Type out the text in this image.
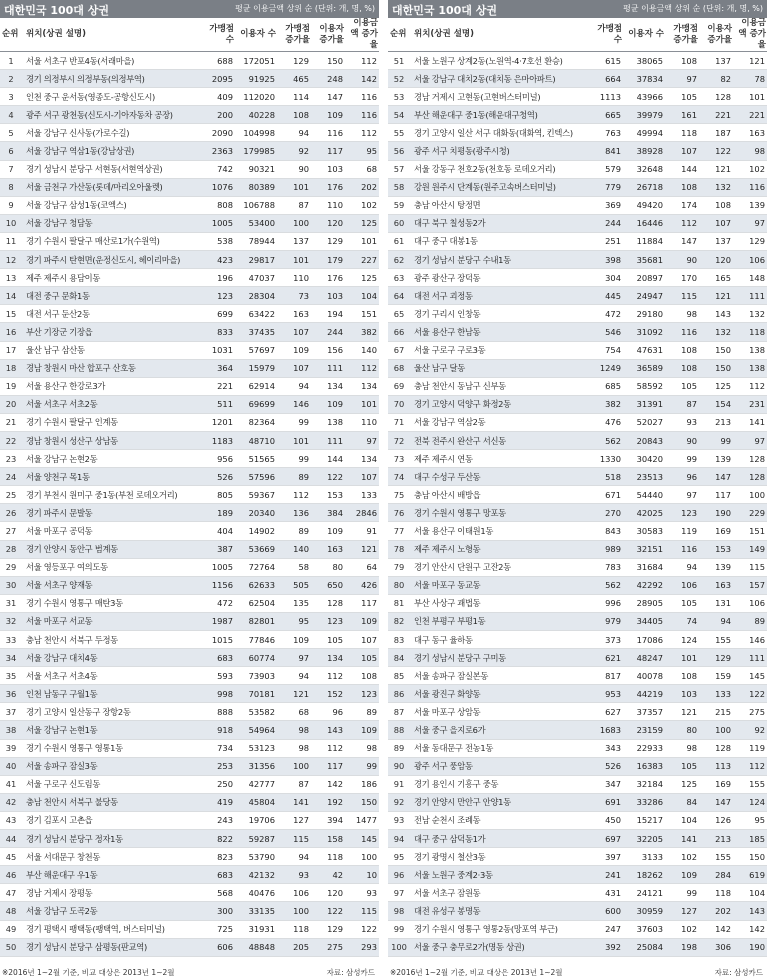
대한민국 100대 상권	평균 이용금액 상위 순 (단위: 개, 명, %)
순위	위치(상권 설명)	가맹점 수	이용자 수	가맹점 증가율	이용자 증가율	이용금액 증가율
1	서울 서초구 반포4동(서래마을)	688	172051	129	150	112
2	경기 의정부시 의정부동(의정부역)	2095	91925	465	248	142
3	인천 중구 운서동(영종도-공항신도시)	409	112020	114	147	116
4	광주 서구 광천동(신도시-기아자동차 공장)	200	40228	108	109	116
5	서울 강남구 신사동(가로수길)	2090	104998	94	116	112
6	서울 강남구 역삼1동(강남상권)	2363	179985	92	117	95
7	경기 성남시 분당구 서현동(서현역상권)	742	90321	90	103	68
8	서울 금천구 가산동(롯데/마리오아울렛)	1076	80389	101	176	202
9	서울 강남구 삼성1동(코엑스)	808	106788	87	110	102
10	서울 강남구 청담동	1005	53400	100	120	125
11	경기 수원시 팔달구 매산로1가(수원역)	538	78944	137	129	101
12	경기 파주시 탄현면(운정신도시, 헤이리마을)	423	29817	101	179	227
13	제주 제주시 용담이동	196	47037	110	176	125
14	대전 중구 문화1동	123	28304	73	103	104
15	대전 서구 둔산2동	699	63422	163	194	151
16	부산 기장군 기장읍	833	37435	107	244	382
17	울산 남구 삼산동	1031	57697	109	156	140
18	경남 창원시 마산 합포구 산호동	364	15979	107	111	112
19	서울 용산구 한강로3가	221	62914	94	134	134
20	서울 서초구 서초2동	511	69699	146	109	101
21	경기 수원시 팔달구 인계동	1201	82364	99	138	110
22	경남 창원시 성산구 상남동	1183	48710	101	111	97
23	서울 강남구 논현2동	956	51565	99	144	134
24	서울 양천구 목1동	526	57596	89	122	107
25	경기 부천시 원미구 중1동(부천 로데오거리)	805	59367	112	153	133
26	경기 파주시 문발동	189	20340	136	384	2846
27	서울 마포구 공덕동	404	14902	89	109	91
28	경기 안양시 동안구 범계동	387	53669	140	163	121
29	서울 영등포구 여의도동	1005	72764	58	80	64
30	서울 서초구 양재동	1156	62633	505	650	426
31	경기 수원시 영통구 매탄3동	472	62504	135	128	117
32	서울 마포구 서교동	1987	82801	95	123	109
33	충남 천안시 서북구 두정동	1015	77846	109	105	107
34	서울 강남구 대치4동	683	60774	97	134	105
35	서울 서초구 서초4동	593	73903	94	112	108
36	인천 남동구 구월1동	998	70181	121	152	123
37	경기 고양시 일산동구 장항2동	888	53582	68	96	89
38	서울 강남구 논현1동	918	54964	98	143	109
39	경기 수원시 영통구 영통1동	734	53123	98	112	98
40	서울 송파구 잠실3동	253	31356	100	117	99
41	서울 구로구 신도림동	250	42777	87	142	186
42	충남 천안시 서북구 불당동	419	45804	141	192	150
43	경기 김포시 고촌읍	243	19706	127	394	1477
44	경기 성남시 분당구 정자1동	822	59287	115	158	145
45	서울 서대문구 창천동	823	53790	94	118	100
46	부산 해운대구 우1동	683	42132	93	42	10
47	경남 거제시 장평동	568	40476	106	120	93
48	서울 강남구 도곡2동	300	33135	100	122	115
49	경기 평택시 팽택동(팽택역, 버스터미널)	725	31931	118	129	122
50	경기 성남시 분당구 삼평동(판교역)	606	48848	205	275	293
※2016년 1~2월 기준, 비교 대상은 2013년 1~2월	자료: 삼성카드
대한민국 100대 상권	평균 이용금액 상위 순 (단위: 개, 명, %)
순위	위치(상권 설명)	가맹점 수	이용자 수	가맹점 증가율	이용자 증가율	이용금액 증가율
51	서울 노원구 상계2동(노원역-4·7호선 환승)	615	38065	108	137	121
52	서울 강남구 대치2동(대치동 은마아파트)	664	37834	97	82	78
53	경남 거제시 고현동(고현버스터미널)	1113	43966	105	128	101
54	부산 해운대구 중1동(해운대구청역)	665	39979	161	221	221
55	경기 고양시 일산 서구 대화동(대화역, 킨텍스)	763	49994	118	187	163
56	광주 서구 치평동(광주시청)	841	38928	107	122	98
57	서울 강동구 천호2동(천호동 로데오거리)	579	32648	144	121	102
58	강원 원주시 단계동(원주고속버스터미널)	779	26718	108	132	116
59	충남 아산시 탕정면	369	49420	174	108	139
60	대구 북구 칠성동2가	244	16446	112	107	97
61	대구 중구 대봉1동	251	11884	147	137	129
62	경기 성남시 분당구 수내1동	398	35681	90	120	106
63	광주 광산구 장덕동	304	20897	170	165	148
64	대전 서구 괴정동	445	24947	115	121	111
65	경기 구리시 인창동	472	29180	98	143	132
66	서울 용산구 한남동	546	31092	116	132	118
67	서울 구로구 구로3동	754	47631	108	150	138
68	울산 남구 달동	1249	36589	108	150	138
69	충남 천안시 동남구 신부동	685	58592	105	125	112
70	경기 고양시 덕양구 화정2동	382	31391	87	154	231
71	서울 강남구 역삼2동	476	52027	93	213	141
72	전북 전주시 완산구 서신동	562	20843	90	99	97
73	제주 제주시 연동	1330	30420	99	139	128
74	대구 수성구 두산동	518	23513	96	147	128
75	충남 아산시 배방읍	671	54440	97	117	100
76	경기 수원시 영통구 망포동	270	42025	123	190	229
77	서울 용산구 이태원1동	843	30583	119	169	151
78	제주 제주시 노형동	989	32151	116	153	149
79	경기 안산시 단원구 고잔2동	783	31684	94	139	115
80	서울 마포구 동교동	562	42292	106	163	157
81	부산 사상구 괘법동	996	28905	105	131	106
82	인천 부평구 부평1동	979	34405	74	94	89
83	대구 동구 율하동	373	17086	124	155	146
84	경기 성남시 분당구 구미동	621	48247	101	129	111
85	서울 송파구 잠실본동	817	40078	108	159	145
86	서울 광진구 화양동	953	44219	103	133	122
87	서울 마포구 상암동	627	37357	121	215	275
88	서울 중구 을지로6가	1683	23159	80	100	92
89	서울 동대문구 전농1동	343	22933	98	128	119
90	광주 서구 풍암동	526	16383	105	113	112
91	경기 용인시 기흥구 중동	347	32184	125	169	155
92	경기 안양시 만안구 안양1동	691	33286	84	147	124
93	전남 순천시 조례동	450	15217	104	126	95
94	대구 중구 삼덕동1가	697	32205	141	213	185
95	경기 광명시 철산3동	397	3133	102	155	150
96	서울 노원구 중계2·3동	241	18262	109	284	619
97	서울 서초구 잠원동	431	24121	99	118	104
98	대전 유성구 봉명동	600	30959	127	202	143
99	경기 수원시 영통구 영통2동(망포역 부근)	247	37603	102	142	142
100	서울 중구 충무로2가(명동 상권)	392	25084	198	306	190
※2016년 1~2월 기준, 비교 대상은 2013년 1~2월	자료: 삼성카드
